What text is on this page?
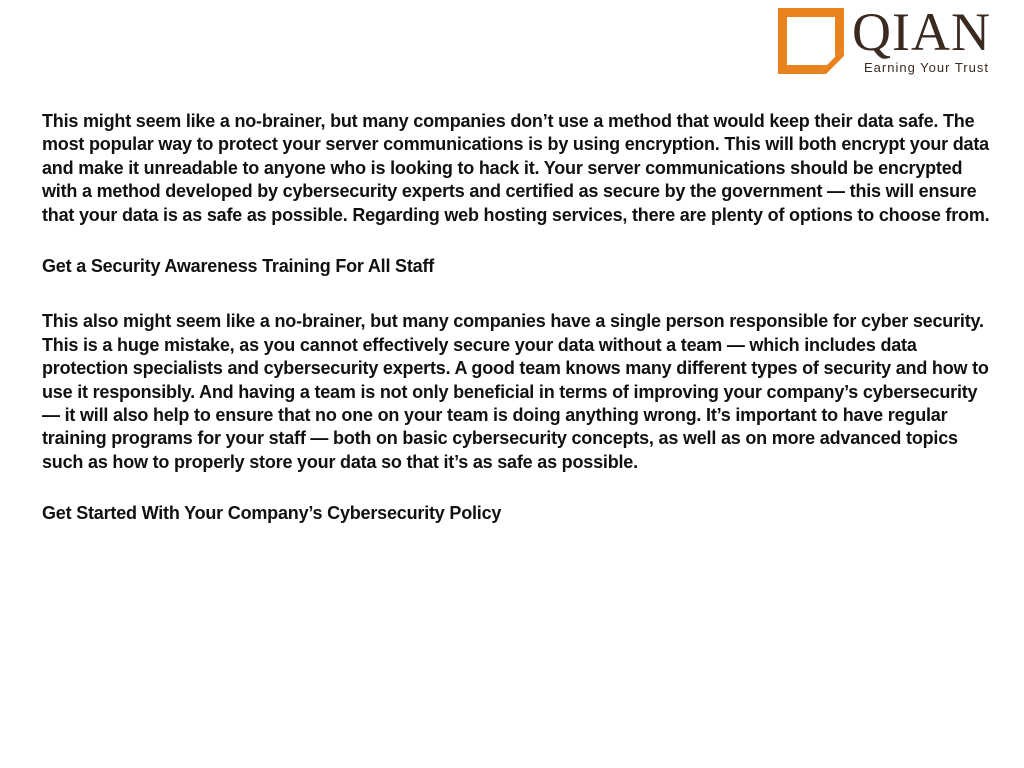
QIAN
Earning Your Trust

This might seem like a no-brainer, but many companies don’t use a method that would keep their data safe. The most popular way to protect your server communications is by using encryption. This will both encrypt your data and make it unreadable to anyone who is looking to hack it. Your server communications should be encrypted with a method developed by cybersecurity experts and certified as secure by the government — this will ensure that your data is as safe as possible. Regarding web hosting services, there are plenty of options to choose from.

Get a Security Awareness Training For All Staff

This also might seem like a no-brainer, but many companies have a single person responsible for cyber security. This is a huge mistake, as you cannot effectively secure your data without a team — which includes data protection specialists and cybersecurity experts. A good team knows many different types of security and how to use it responsibly. And having a team is not only beneficial in terms of improving your company’s cybersecurity — it will also help to ensure that no one on your team is doing anything wrong. It’s important to have regular training programs for your staff — both on basic cybersecurity concepts, as well as on more advanced topics such as how to properly store your data so that it’s as safe as possible.

Get Started With Your Company’s Cybersecurity Policy
